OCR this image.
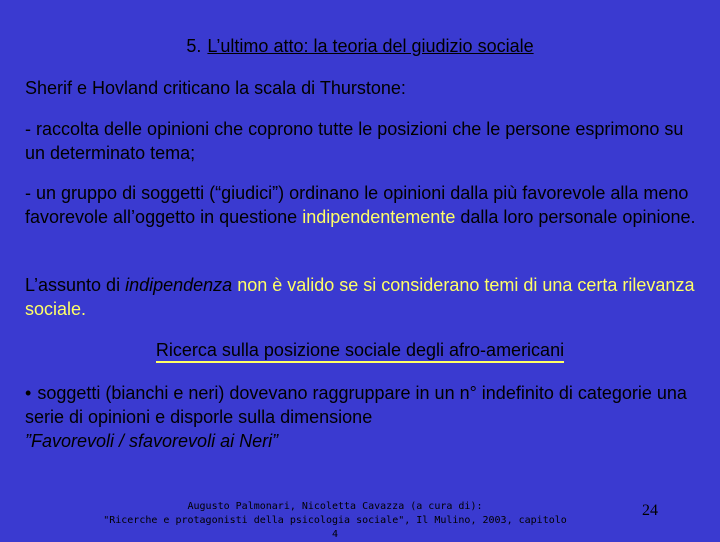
5. L’ultimo atto: la teoria del giudizio sociale
Sherif e Hovland criticano la scala di Thurstone:
- raccolta delle opinioni che coprono tutte le posizioni che le persone esprimono su un determinato tema;
- un gruppo di soggetti (“giudici”) ordinano le opinioni dalla più favorevole alla meno favorevole all’oggetto in questione indipendentemente dalla loro personale opinione.
L’assunto di indipendenza non è valido se si considerano temi di una certa rilevanza sociale.
Ricerca sulla posizione sociale degli afro-americani
• soggetti (bianchi e neri) dovevano raggruppare in un n° indefinito di categorie una serie di opinioni e disporle sulla dimensione
”Favorevoli / sfavorevoli ai Neri”
Augusto Palmonari, Nicoletta Cavazza (a cura di):
"Ricerche e protagonisti della psicologia sociale", Il Mulino, 2003, capitolo 4
24
